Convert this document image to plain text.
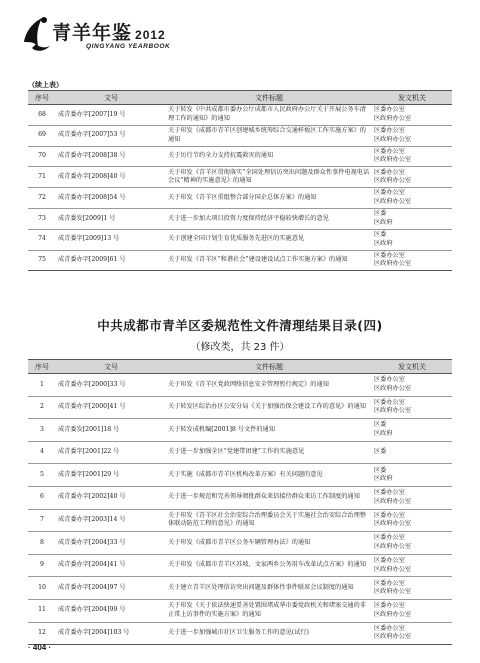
青羊年鉴 2012
QINGYANG YEARBOOK
（续上表）
序号	文号	文件标题	发文机关
68	成青委办字[2007]19 号	关于转发《中共成都市委办公厅成都市人民政府办公厅关于开展公务车清理工作的通知》的通知	区委办公室
区政府办公室
69	成青委办字[2007]53 号	关于印发《成都市青羊区创建城乡统筹综合交通样板区工作实施方案》的通知	区委办公室
区政府办公室
70	成青委办字[2008]38 号	关于厉行节约全力支持抗震救灾的通知	区委办公室
区政府办公室
71	成青委办字[2008]40 号	关于印发《青羊区贯彻落实“全国处理信访突出问题及群众性事件电视电话会议”精神的实施意见》的通知	区委办公室
区政府办公室
72	成青委办字[2008]54 号	关于印发《青羊区重组整合部分国企总体方案》的通知	区委办公室
区政府办公室
73	成青委发[2009]1 号	关于进一步加大项目投资力度保持经济平稳较快增长的意见	区委
区政府
74	成青委字[2009]13 号	关于创建全国计划生育优质服务先进区的实施意见	区委
区政府
75	成青委办字[2009]61 号	关于印发《青羊区“和谐社会”建设建设试点工作实施方案》的通知	区委办公室
区政府办公室
中共成都市青羊区委规范性文件清理结果目录(四)
（修改类，共 23 件）
序号	文号	文件标题	发文机关
1	成青委办字[2000]33 号	关于印发《青羊区党政网络信息安全管理暂行规定》的通知	区委办公室
区政府办公室
2	成青委办字[2000]41 号	关于转发区综治办区公安分局《关于加强治保会建设工作的意见》的通知	区委办公室
区政府办公室
3	成青委发[2001]18 号	关于转发成机编[2001]8 号文件的通知	区委
区政府
4	成青委字[2001]22 号	关于进一步加强全区“党建带团建”工作的实施意见	区委
5	成青委字[2001]29 号	关于实施《成都市青羊区机构改革方案》有关问题的意见	区委
区政府
6	成青委办字[2002]40 号	关于进一步规范和完善领导阅批群众来信接待群众来访工作制度的通知	区委办公室
区政府办公室
7	成青委办字[2003]14 号	关于印发《青羊区社会治安综合治理委员会关于实施社会治安综合治理整体联动防范工程的意见》的通知	区委办公室
区政府办公室
8	成青委办字[2004]33 号	关于印发《成都市青羊区公务车辆管理办法》的通知	区委办公室
区政府办公室
9	成青委办字[2004]41 号	关于印发《成都市青羊区苏坡、文家两乡公务用车改革试点方案》的通知	区委办公室
区政府办公室
10	成青委办字[2004]97 号	关于建立青羊区处理信访突出问题及群体性事件联席会议制度的通知	区委办公室
区政府办公室
11	成青委办字[2004]99 号	关于印发《关于依法快速妥善处置围堵成华市委党政机关和堵塞交通的非正常上访事件的实施方案》的通知	区委办公室
区政府办公室
12	成青委办字[2004]103 号	关于进一步加强城市社区卫生服务工作的意见(试行)	区委办公室
区政府办公室
· 404 ·
